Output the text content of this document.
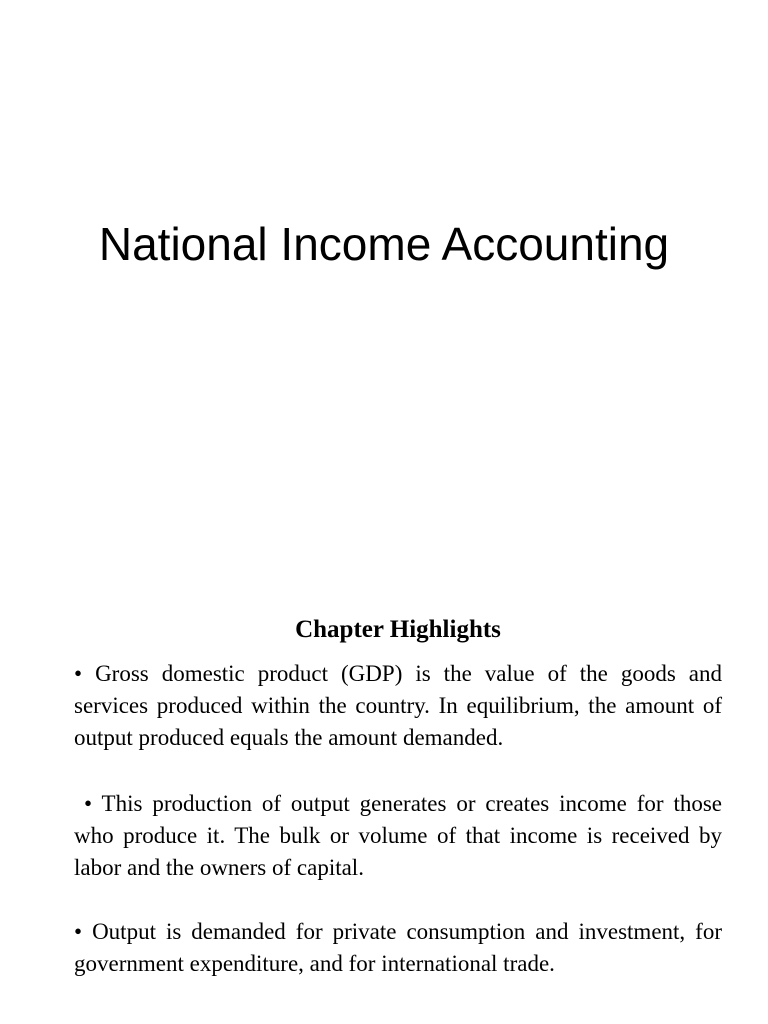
National Income Accounting
Chapter Highlights

• Gross domestic product (GDP) is the value of the goods and services produced within the country. In equilibrium, the amount of output produced equals the amount demanded.

• This production of output generates or creates income for those who produce it. The bulk or volume of that income is received by labor and the owners of capital.

• Output is demanded for private consumption and investment, for government expenditure, and for international trade.
